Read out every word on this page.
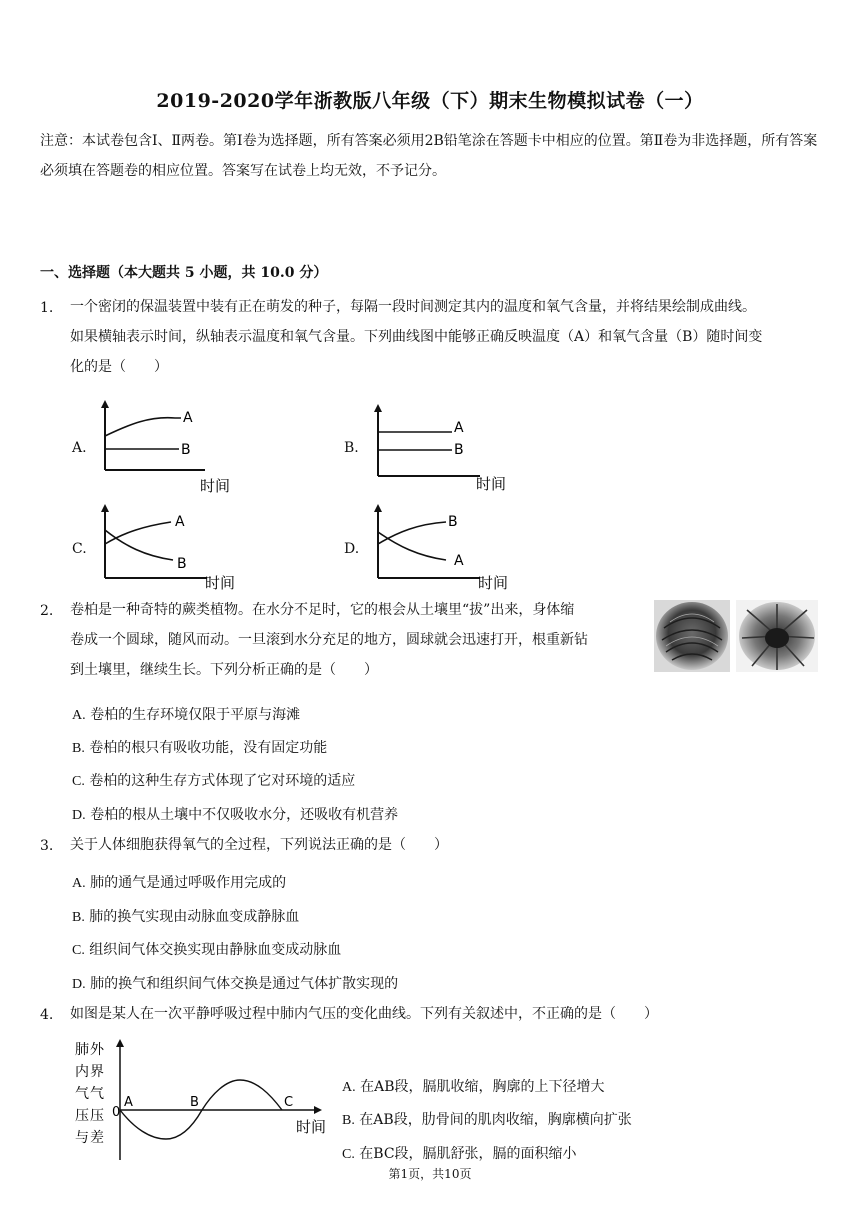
2019-2020学年浙教版八年级（下）期末生物模拟试卷（一）
注意：本试卷包含Ⅰ、Ⅱ两卷。第Ⅰ卷为选择题，所有答案必须用2B铅笔涂在答题卡中相应的位置。第Ⅱ卷为非选择题，所有答案必须填在答题卷的相应位置。答案写在试卷上均无效，不予记分。
一、选择题（本大题共 5 小题，共 10.0 分）
1. 一个密闭的保温装置中装有正在萌发的种子，每隔一段时间测定其内的温度和氧气含量，并将结果绘制成曲线。
如果横轴表示时间，纵轴表示温度和氧气含量。下列曲线图中能够正确反映温度（A）和氧气含量（B）随时间变
化的是（　　）
A.
A
B
时间
B.
A
B
时间
C.
A
B
时间
D.
B
A
时间
2. 卷柏是一种奇特的蕨类植物。在水分不足时，它的根会从土壤里“拔”出来，身体缩
卷成一个圆球，随风而动。一旦滚到水分充足的地方，圆球就会迅速打开，根重新钻
到土壤里，继续生长。下列分析正确的是（　　）
A. 卷柏的生存环境仅限于平原与海滩
B. 卷柏的根只有吸收功能，没有固定功能
C. 卷柏的这种生存方式体现了它对环境的适应
D. 卷柏的根从土壤中不仅吸收水分，还吸收有机营养
3. 关于人体细胞获得氧气的全过程，下列说法正确的是（　　）
A. 肺的通气是通过呼吸作用完成的
B. 肺的换气实现由动脉血变成静脉血
C. 组织间气体交换实现由静脉血变成动脉血
D. 肺的换气和组织间气体交换是通过气体扩散实现的
4. 如图是某人在一次平静呼吸过程中肺内气压的变化曲线。下列有关叙述中，不正确的是（　　）
肺
内
气
压
与
外
界
气
压
差
0
A	B	C
时间
A. 在AB段，膈肌收缩，胸廓的上下径增大
B. 在AB段，肋骨间的肌肉收缩，胸廓横向扩张
C. 在BC段，膈肌舒张，膈的面积缩小
第1页，共10页
